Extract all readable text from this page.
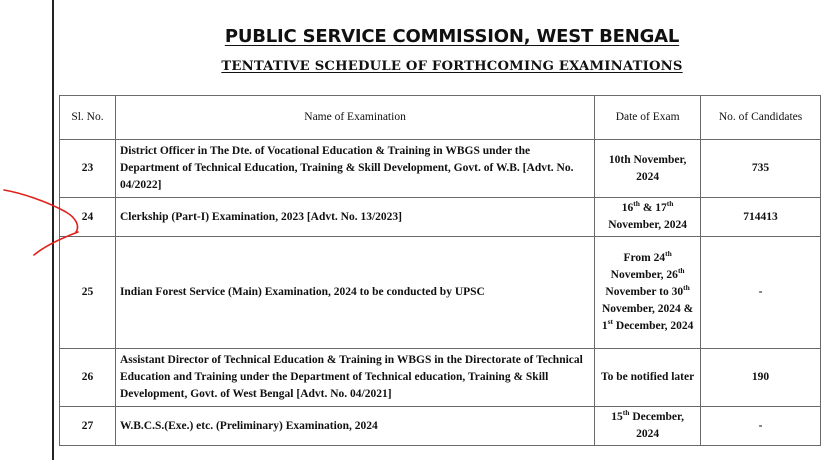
PUBLIC SERVICE COMMISSION, WEST BENGAL
TENTATIVE SCHEDULE OF FORTHCOMING EXAMINATIONS
Sl. No.	Name of Examination	Date of Exam	No. of Candidates
23	District Officer in The Dte. of Vocational Education & Training in WBGS under the Department of Technical Education, Training & Skill Development, Govt. of W.B. [Advt. No. 04/2022]	10th November, 2024	735
24	Clerkship (Part-I) Examination, 2023 [Advt. No. 13/2023]	16th & 17th November, 2024	714413
25	Indian Forest Service (Main) Examination, 2024 to be conducted by UPSC	From 24th November, 26th November to 30th November, 2024 & 1st December, 2024	-
26	Assistant Director of Technical Education & Training in WBGS in the Directorate of Technical Education and Training under the Department of Technical education, Training & Skill Development, Govt. of West Bengal [Advt. No. 04/2021]	To be notified later	190
27	W.B.C.S.(Exe.) etc. (Preliminary) Examination, 2024	15th December, 2024	-
